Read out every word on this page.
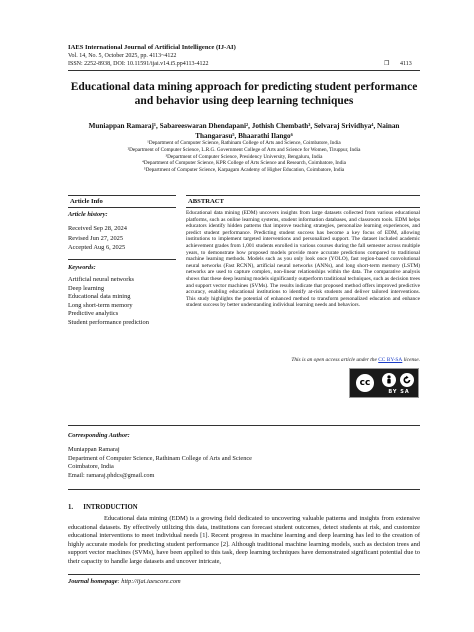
IAES International Journal of Artificial Intelligence (IJ-AI)
Vol. 14, No. 5, October 2025, pp. 4113~4122
ISSN: 2252-8938, DOI: 10.11591/ijai.v14.i5.pp4113-4122	❐ 4113
Educational data mining approach for predicting student performance and behavior using deep learning techniques
Muniappan Ramaraj¹, Sabareeswaran Dhendapani², Jothish Chembath³, Selvaraj Srividhya⁴, Nainan Thangarasu⁵, Bhaarathi Ilango⁶
¹Department of Computer Science, Rathinam College of Arts and Science, Coimbatore, India
²Department of Computer Science, L.R.G. Government College of Arts and Science for Women, Tiruppur, India
³Department of Computer Science, Presidency University, Bengaluru, India
⁴Department of Computer Science, KPR College of Arts Science and Research, Coimbatore, India
⁵Department of Computer Science, Karpagam Academy of Higher Education, Coimbatore, India
Article Info	ABSTRACT
Article history:
Received Sep 28, 2024
Revised Jun 27, 2025
Accepted Aug 6, 2025
Keywords:
Artificial neural networks
Deep learning
Educational data mining
Long short-term memory
Predictive analytics
Student performance prediction
Educational data mining (EDM) uncovers insights from large datasets collected from various educational platforms, such as online learning systems, student information databases, and classroom tools. EDM helps educators identify hidden patterns that improve teaching strategies, personalize learning experiences, and predict student performance. Predicting student success has become a key focus of EDM, allowing institutions to implement targeted interventions and personalized support. The dataset included academic achievement grades from 1,001 students enrolled in various courses during the fall semester across multiple years, to demonstrate how proposed models provide more accurate predictions compared to traditional machine learning methods. Models such as you only look once (YOLO), fast region-based convolutional neural networks (Fast RCNN), artificial neural networks (ANNs), and long short-term memory (LSTM) networks are used to capture complex, non-linear relationships within the data. The comparative analysis shows that these deep learning models significantly outperform traditional techniques, such as decision trees and support vector machines (SVMs). The results indicate that proposed method offers improved predictive accuracy, enabling educational institutions to identify at-risk students and deliver tailored interventions. This study highlights the potential of enhanced method to transform personalized education and enhance student success by better understanding individual learning needs and behaviors.
This is an open access article under the CC BY-SA license.
cc
BY SA
Corresponding Author:
Muniappan Ramaraj
Department of Computer Science, Rathinam College of Arts and Science
Coimbatore, India
Email: ramaraj.phdcs@gmail.com
1.      INTRODUCTION
Educational data mining (EDM) is a growing field dedicated to uncovering valuable patterns and insights from extensive educational datasets. By effectively utilizing this data, institutions can forecast student outcomes, detect students at risk, and customize educational interventions to meet individual needs [1]. Recent progress in machine learning and deep learning has led to the creation of highly accurate models for predicting student performance [2]. Although traditional machine learning models, such as decision trees and support vector machines (SVMs), have been applied to this task, deep learning techniques have demonstrated significant potential due to their capacity to handle large datasets and uncover intricate,
Journal homepage: http://ijai.iaescore.com
